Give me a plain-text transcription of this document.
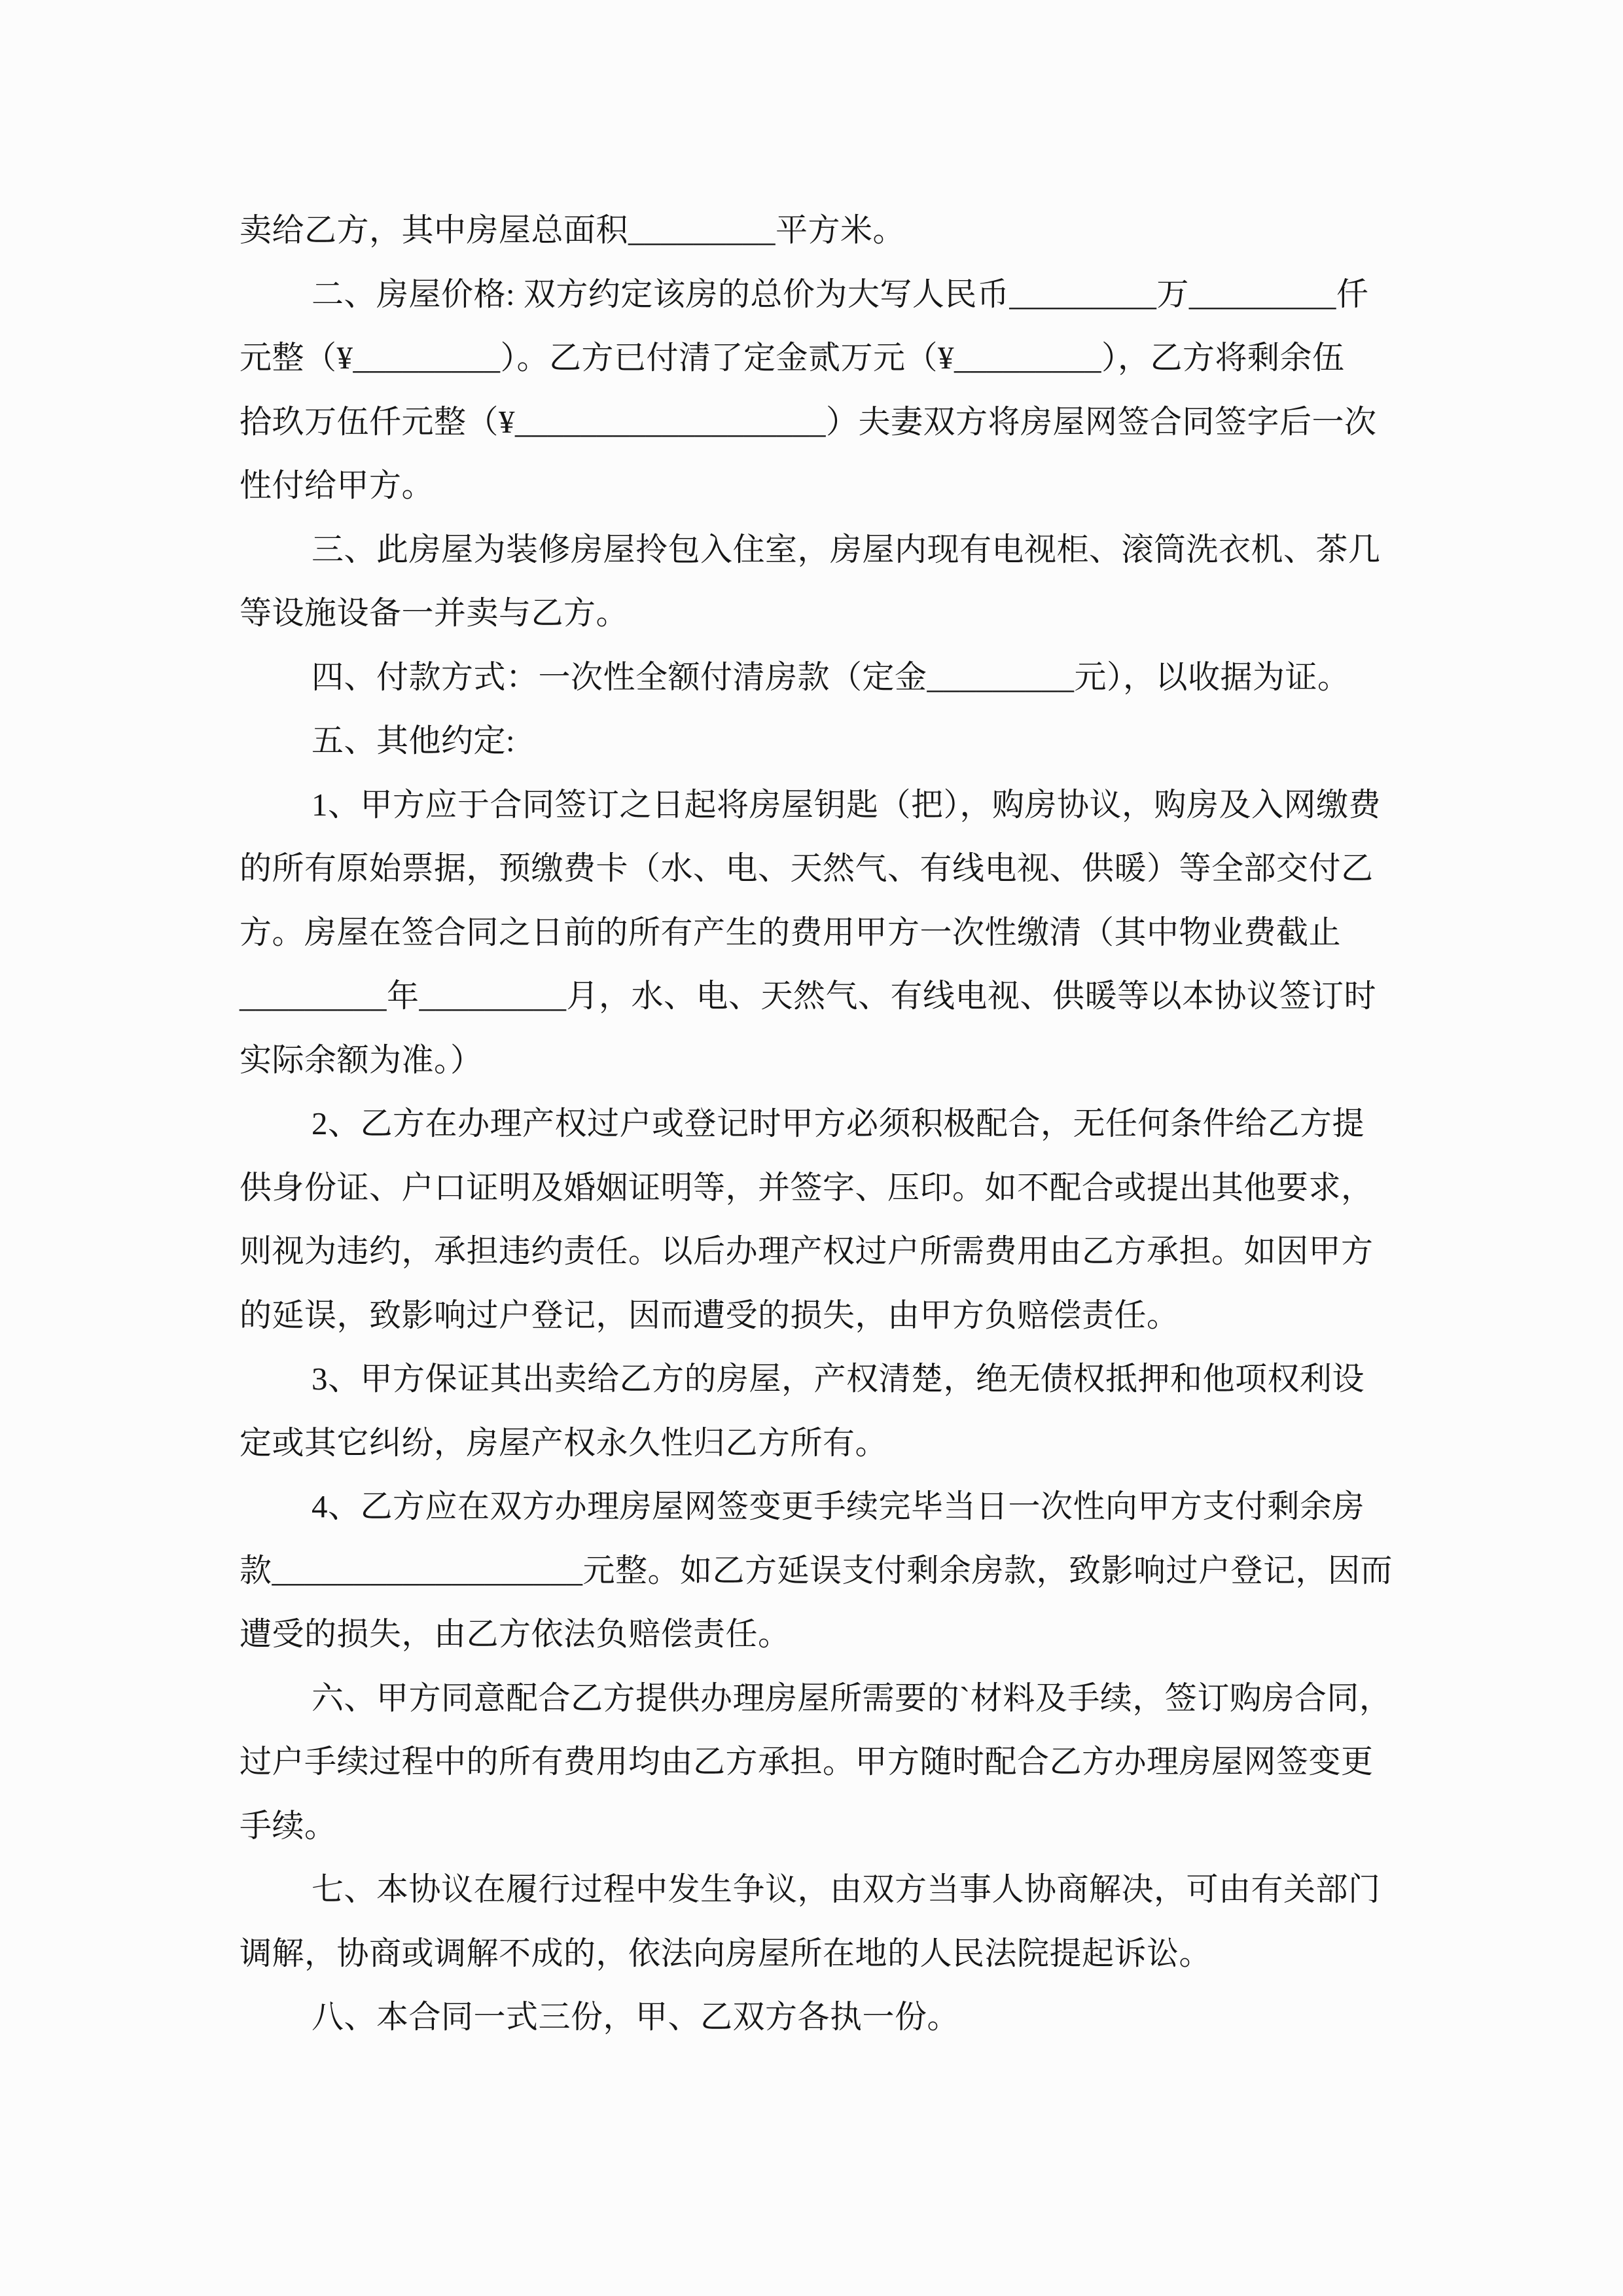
卖给乙方，其中房屋总面积_________平方米。
二、房屋价格: 双方约定该房的总价为大写人民币_________万_________仟
元整（¥_________）。乙方已付清了定金贰万元（¥_________），乙方将剩余伍
拾玖万伍仟元整（¥___________________）夫妻双方将房屋网签合同签字后一次
性付给甲方。
三、此房屋为装修房屋拎包入住室，房屋内现有电视柜、滚筒洗衣机、茶几
等设施设备一并卖与乙方。
四、付款方式：一次性全额付清房款（定金_________元），以收据为证。
五、其他约定:
1、甲方应于合同签订之日起将房屋钥匙（把），购房协议，购房及入网缴费
的所有原始票据，预缴费卡（水、电、天然气、有线电视、供暖）等全部交付乙
方。房屋在签合同之日前的所有产生的费用甲方一次性缴清（其中物业费截止
_________年_________月，水、电、天然气、有线电视、供暖等以本协议签订时
实际余额为准。）
2、乙方在办理产权过户或登记时甲方必须积极配合，无任何条件给乙方提
供身份证、户口证明及婚姻证明等，并签字、压印。如不配合或提出其他要求，
则视为违约，承担违约责任。以后办理产权过户所需费用由乙方承担。如因甲方
的延误，致影响过户登记，因而遭受的损失，由甲方负赔偿责任。
3、甲方保证其出卖给乙方的房屋，产权清楚，绝无债权抵押和他项权利设
定或其它纠纷，房屋产权永久性归乙方所有。
4、乙方应在双方办理房屋网签变更手续完毕当日一次性向甲方支付剩余房
款___________________元整。如乙方延误支付剩余房款，致影响过户登记，因而
遭受的损失，由乙方依法负赔偿责任。
六、甲方同意配合乙方提供办理房屋所需要的`材料及手续，签订购房合同，
过户手续过程中的所有费用均由乙方承担。甲方随时配合乙方办理房屋网签变更
手续。
七、本协议在履行过程中发生争议，由双方当事人协商解决，可由有关部门
调解，协商或调解不成的，依法向房屋所在地的人民法院提起诉讼。
八、本合同一式三份，甲、乙双方各执一份。
